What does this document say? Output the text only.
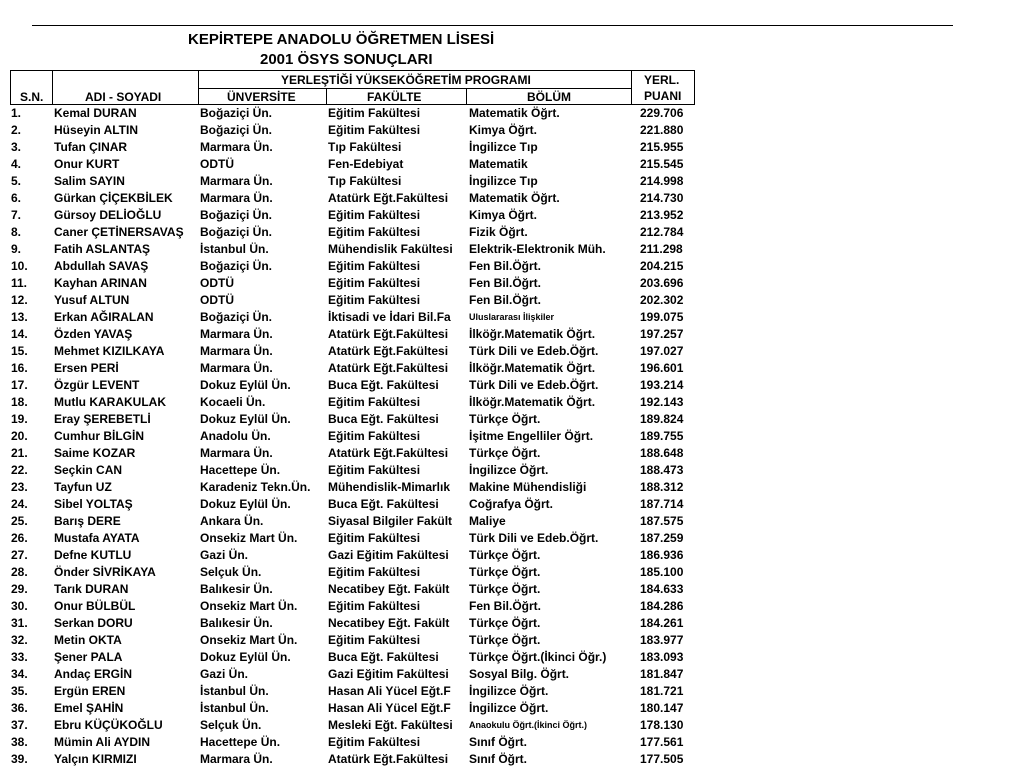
KEPİRTEPE ANADOLU ÖĞRETMEN LİSESİ
2001 ÖSYS SONUÇLARI
S.N.	ADI - SOYADI
YERLEŞTİĞİ YÜKSEKÖĞRETİM PROGRAMI
ÜNVERSİTE	FAKÜLTE	BÖLÜM
YERL.
PUANI
1.	Kemal DURAN	Boğaziçi Ün.	Eğitim Fakültesi	Matematik Öğrt.	229.706
2.	Hüseyin ALTIN	Boğaziçi Ün.	Eğitim Fakültesi	Kimya Öğrt.	221.880
3.	Tufan ÇINAR	Marmara Ün.	Tıp Fakültesi	İngilizce Tıp	215.955
4.	Onur KURT	ODTÜ	Fen-Edebiyat	Matematik	215.545
5.	Salim SAYIN	Marmara Ün.	Tıp Fakültesi	İngilizce Tıp	214.998
6.	Gürkan ÇİÇEKBİLEK	Marmara Ün.	Atatürk Eğt.Fakültesi	Matematik Öğrt.	214.730
7.	Gürsoy DELİOĞLU	Boğaziçi Ün.	Eğitim Fakültesi	Kimya Öğrt.	213.952
8.	Caner ÇETİNERSAVAŞ	Boğaziçi Ün.	Eğitim Fakültesi	Fizik Öğrt.	212.784
9.	Fatih ASLANTAŞ	İstanbul Ün.	Mühendislik Fakültesi	Elektrik-Elektronik Müh.	211.298
10.	Abdullah SAVAŞ	Boğaziçi Ün.	Eğitim Fakültesi	Fen Bil.Öğrt.	204.215
11.	Kayhan ARINAN	ODTÜ	Eğitim Fakültesi	Fen Bil.Öğrt.	203.696
12.	Yusuf ALTUN	ODTÜ	Eğitim Fakültesi	Fen Bil.Öğrt.	202.302
13.	Erkan AĞIRALAN	Boğaziçi Ün.	İktisadi ve İdari Bil.Fa	Uluslararası İlişkiler	199.075
14.	Özden YAVAŞ	Marmara Ün.	Atatürk Eğt.Fakültesi	İlköğr.Matematik Öğrt.	197.257
15.	Mehmet KIZILKAYA	Marmara Ün.	Atatürk Eğt.Fakültesi	Türk Dili ve Edeb.Öğrt.	197.027
16.	Ersen PERİ	Marmara Ün.	Atatürk Eğt.Fakültesi	İlköğr.Matematik Öğrt.	196.601
17.	Özgür LEVENT	Dokuz Eylül Ün.	Buca Eğt. Fakültesi	Türk Dili ve Edeb.Öğrt.	193.214
18.	Mutlu KARAKULAK	Kocaeli Ün.	Eğitim Fakültesi	İlköğr.Matematik Öğrt.	192.143
19.	Eray ŞEREBETLİ	Dokuz Eylül Ün.	Buca Eğt. Fakültesi	Türkçe Öğrt.	189.824
20.	Cumhur BİLGİN	Anadolu Ün.	Eğitim Fakültesi	İşitme Engelliler Öğrt.	189.755
21.	Saime KOZAR	Marmara Ün.	Atatürk Eğt.Fakültesi	Türkçe Öğrt.	188.648
22.	Seçkin CAN	Hacettepe Ün.	Eğitim Fakültesi	İngilizce Öğrt.	188.473
23.	Tayfun UZ	Karadeniz Tekn.Ün.	Mühendislik-Mimarlık	Makine Mühendisliği	188.312
24.	Sibel YOLTAŞ	Dokuz Eylül Ün.	Buca Eğt. Fakültesi	Coğrafya Öğrt.	187.714
25.	Barış DERE	Ankara Ün.	Siyasal Bilgiler Fakült	Maliye	187.575
26.	Mustafa AYATA	Onsekiz Mart Ün.	Eğitim Fakültesi	Türk Dili ve Edeb.Öğrt.	187.259
27.	Defne KUTLU	Gazi Ün.	Gazi Eğitim Fakültesi	Türkçe Öğrt.	186.936
28.	Önder SİVRİKAYA	Selçuk Ün.	Eğitim Fakültesi	Türkçe Öğrt.	185.100
29.	Tarık DURAN	Balıkesir Ün.	Necatibey Eğt. Fakült	Türkçe Öğrt.	184.633
30.	Onur BÜLBÜL	Onsekiz Mart Ün.	Eğitim Fakültesi	Fen Bil.Öğrt.	184.286
31.	Serkan DORU	Balıkesir Ün.	Necatibey Eğt. Fakült	Türkçe Öğrt.	184.261
32.	Metin OKTA	Onsekiz Mart Ün.	Eğitim Fakültesi	Türkçe Öğrt.	183.977
33.	Şener PALA	Dokuz Eylül Ün.	Buca Eğt. Fakültesi	Türkçe Öğrt.(İkinci Öğr.)	183.093
34.	Andaç ERGİN	Gazi Ün.	Gazi Eğitim Fakültesi	Sosyal Bilg. Öğrt.	181.847
35.	Ergün EREN	İstanbul Ün.	Hasan Ali Yücel Eğt.F	İngilizce Öğrt.	181.721
36.	Emel ŞAHİN	İstanbul Ün.	Hasan Ali Yücel Eğt.F	İngilizce Öğrt.	180.147
37.	Ebru KÜÇÜKOĞLU	Selçuk Ün.	Mesleki Eğt. Fakültesi	Anaokulu Öğrt.(İkinci Öğrt.)	178.130
38.	Mümin Ali AYDIN	Hacettepe Ün.	Eğitim Fakültesi	Sınıf Öğrt.	177.561
39.	Yalçın KIRMIZI	Marmara Ün.	Atatürk Eğt.Fakültesi	Sınıf Öğrt.	177.505
